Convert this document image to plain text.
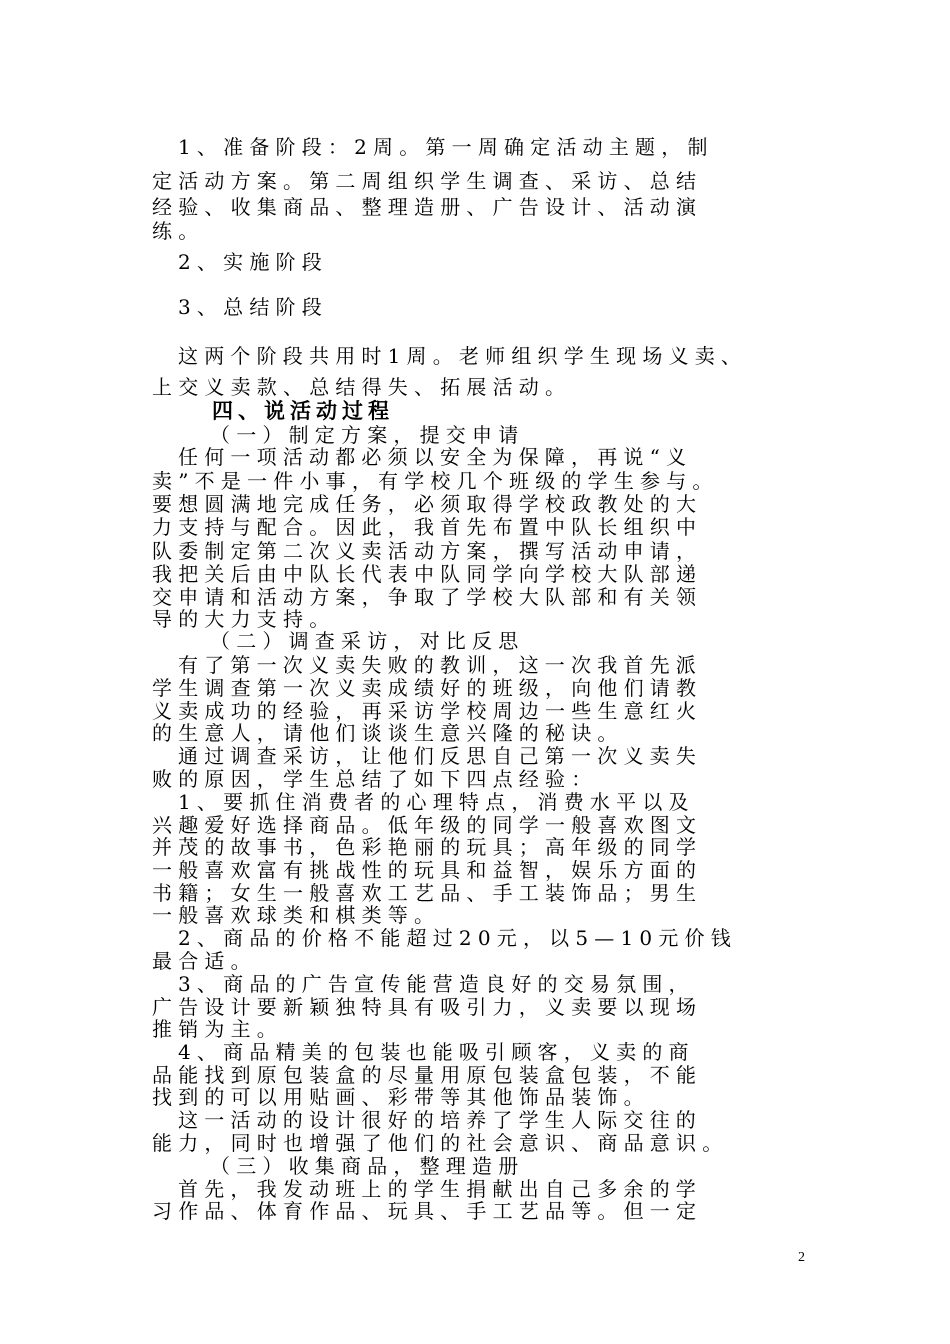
1、准备阶段：2周。第一周确定活动主题，制
定活动方案。第二周组织学生调查、采访、总结
经验、收集商品、整理造册、广告设计、活动演
练。
2、实施阶段
3、总结阶段
这两个阶段共用时1周。老师组织学生现场义卖、
上交义卖款、总结得失、拓展活动。
四、说活动过程
（一）制定方案，提交申请
任何一项活动都必须以安全为保障，再说“义
卖”不是一件小事，有学校几个班级的学生参与。
要想圆满地完成任务，必须取得学校政教处的大
力支持与配合。因此，我首先布置中队长组织中
队委制定第二次义卖活动方案，撰写活动申请，
我把关后由中队长代表中队同学向学校大队部递
交申请和活动方案，争取了学校大队部和有关领
导的大力支持。
（二）调查采访，对比反思
有了第一次义卖失败的教训，这一次我首先派
学生调查第一次义卖成绩好的班级，向他们请教
义卖成功的经验，再采访学校周边一些生意红火
的生意人，请他们谈谈生意兴隆的秘诀。
通过调查采访，让他们反思自己第一次义卖失
败的原因，学生总结了如下四点经验：
1、要抓住消费者的心理特点，消费水平以及
兴趣爱好选择商品。低年级的同学一般喜欢图文
并茂的故事书，色彩艳丽的玩具；高年级的同学
一般喜欢富有挑战性的玩具和益智，娱乐方面的
书籍；女生一般喜欢工艺品、手工装饰品；男生
一般喜欢球类和棋类等。
2、商品的价格不能超过20元，以5—10元价钱
最合适。
3、商品的广告宣传能营造良好的交易氛围，
广告设计要新颖独特具有吸引力，义卖要以现场
推销为主。
4、商品精美的包装也能吸引顾客，义卖的商
品能找到原包装盒的尽量用原包装盒包装，不能
找到的可以用贴画、彩带等其他饰品装饰。
这一活动的设计很好的培养了学生人际交往的
能力，同时也增强了他们的社会意识、商品意识。
（三）收集商品，整理造册
首先，我发动班上的学生捐献出自己多余的学
习作品、体育作品、玩具、手工艺品等。但一定
2
